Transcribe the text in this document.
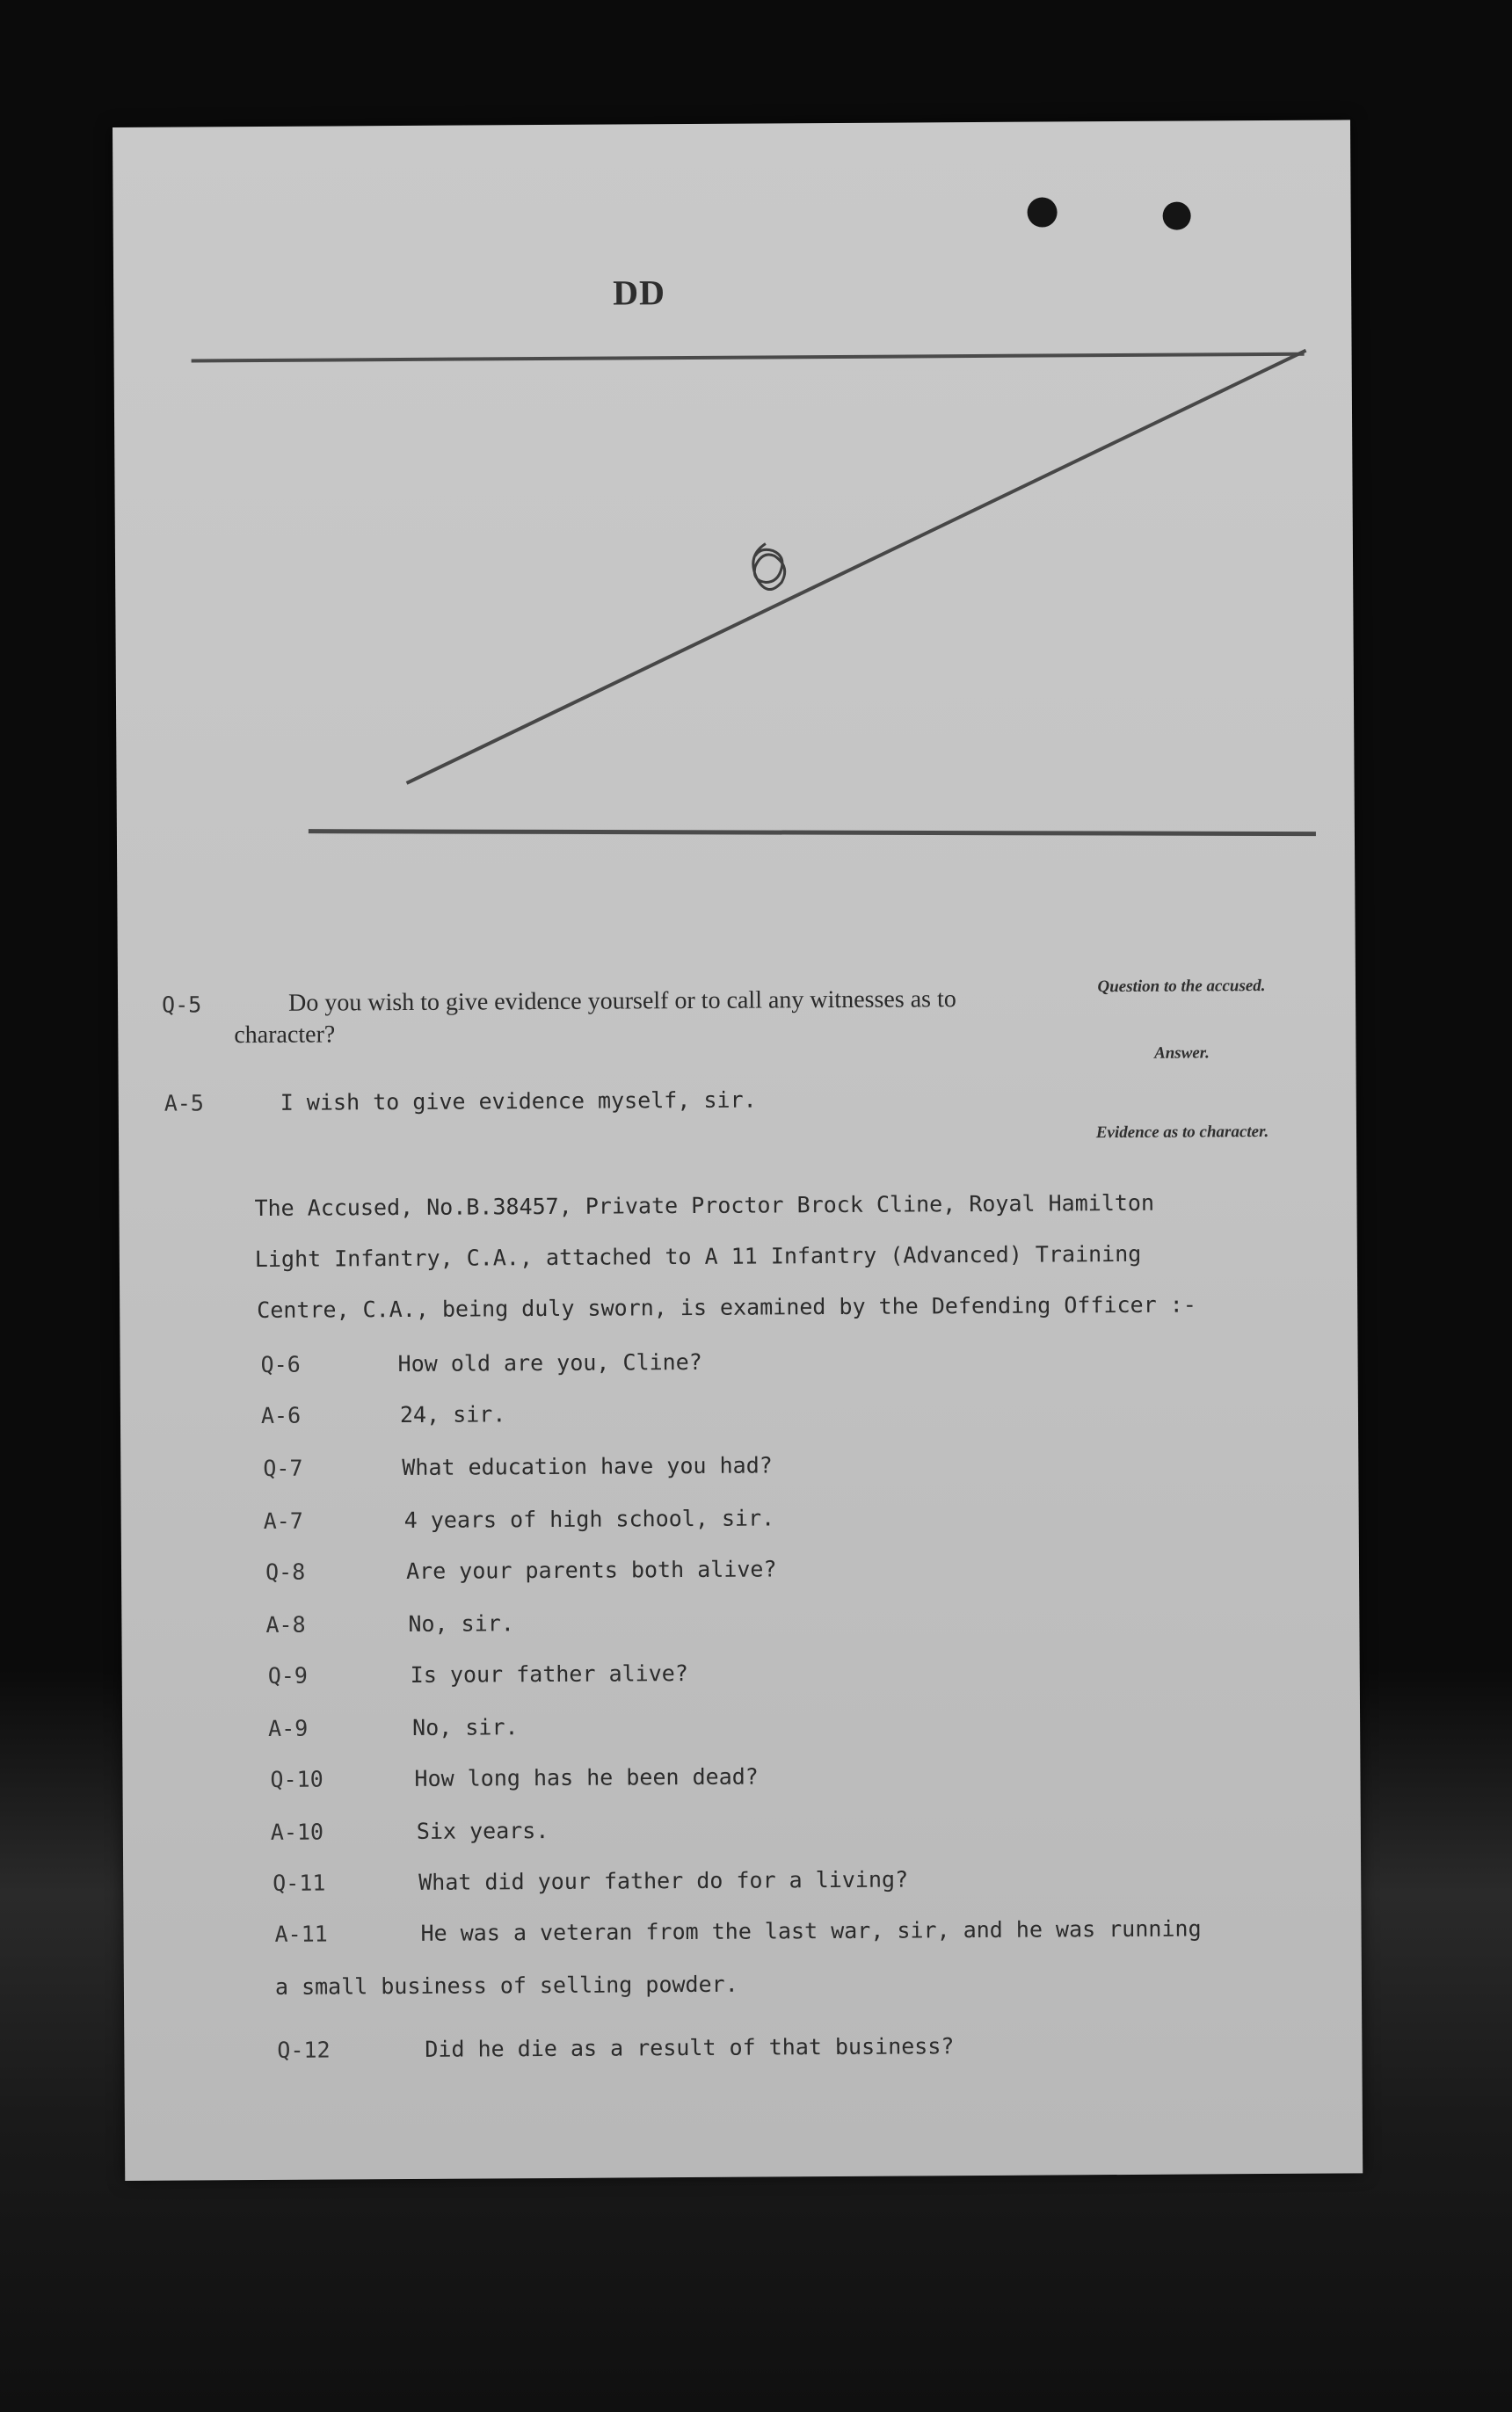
DD
Q-5	Do you wish to give evidence yourself or to call any witnesses as to
character?
Question to the accused.
Answer.
A-5	I wish to give evidence myself, sir.
Evidence as to character.
The Accused, No.B.38457, Private Proctor Brock Cline, Royal Hamilton
Light Infantry, C.A., attached to A 11 Infantry (Advanced) Training
Centre, C.A., being duly sworn, is examined by the Defending Officer :-
Q-6	How old are you, Cline?
A-6	24, sir.
Q-7	What education have you had?
A-7	4 years of high school, sir.
Q-8	Are your parents both alive?
A-8	No, sir.
Q-9	Is your father alive?
A-9	No, sir.
Q-10	How long has he been dead?
A-10	Six years.
Q-11	What did your father do for a living?
A-11	He was a veteran from the last war, sir, and he was running
a small business of selling powder.
Q-12	Did he die as a result of that business?
